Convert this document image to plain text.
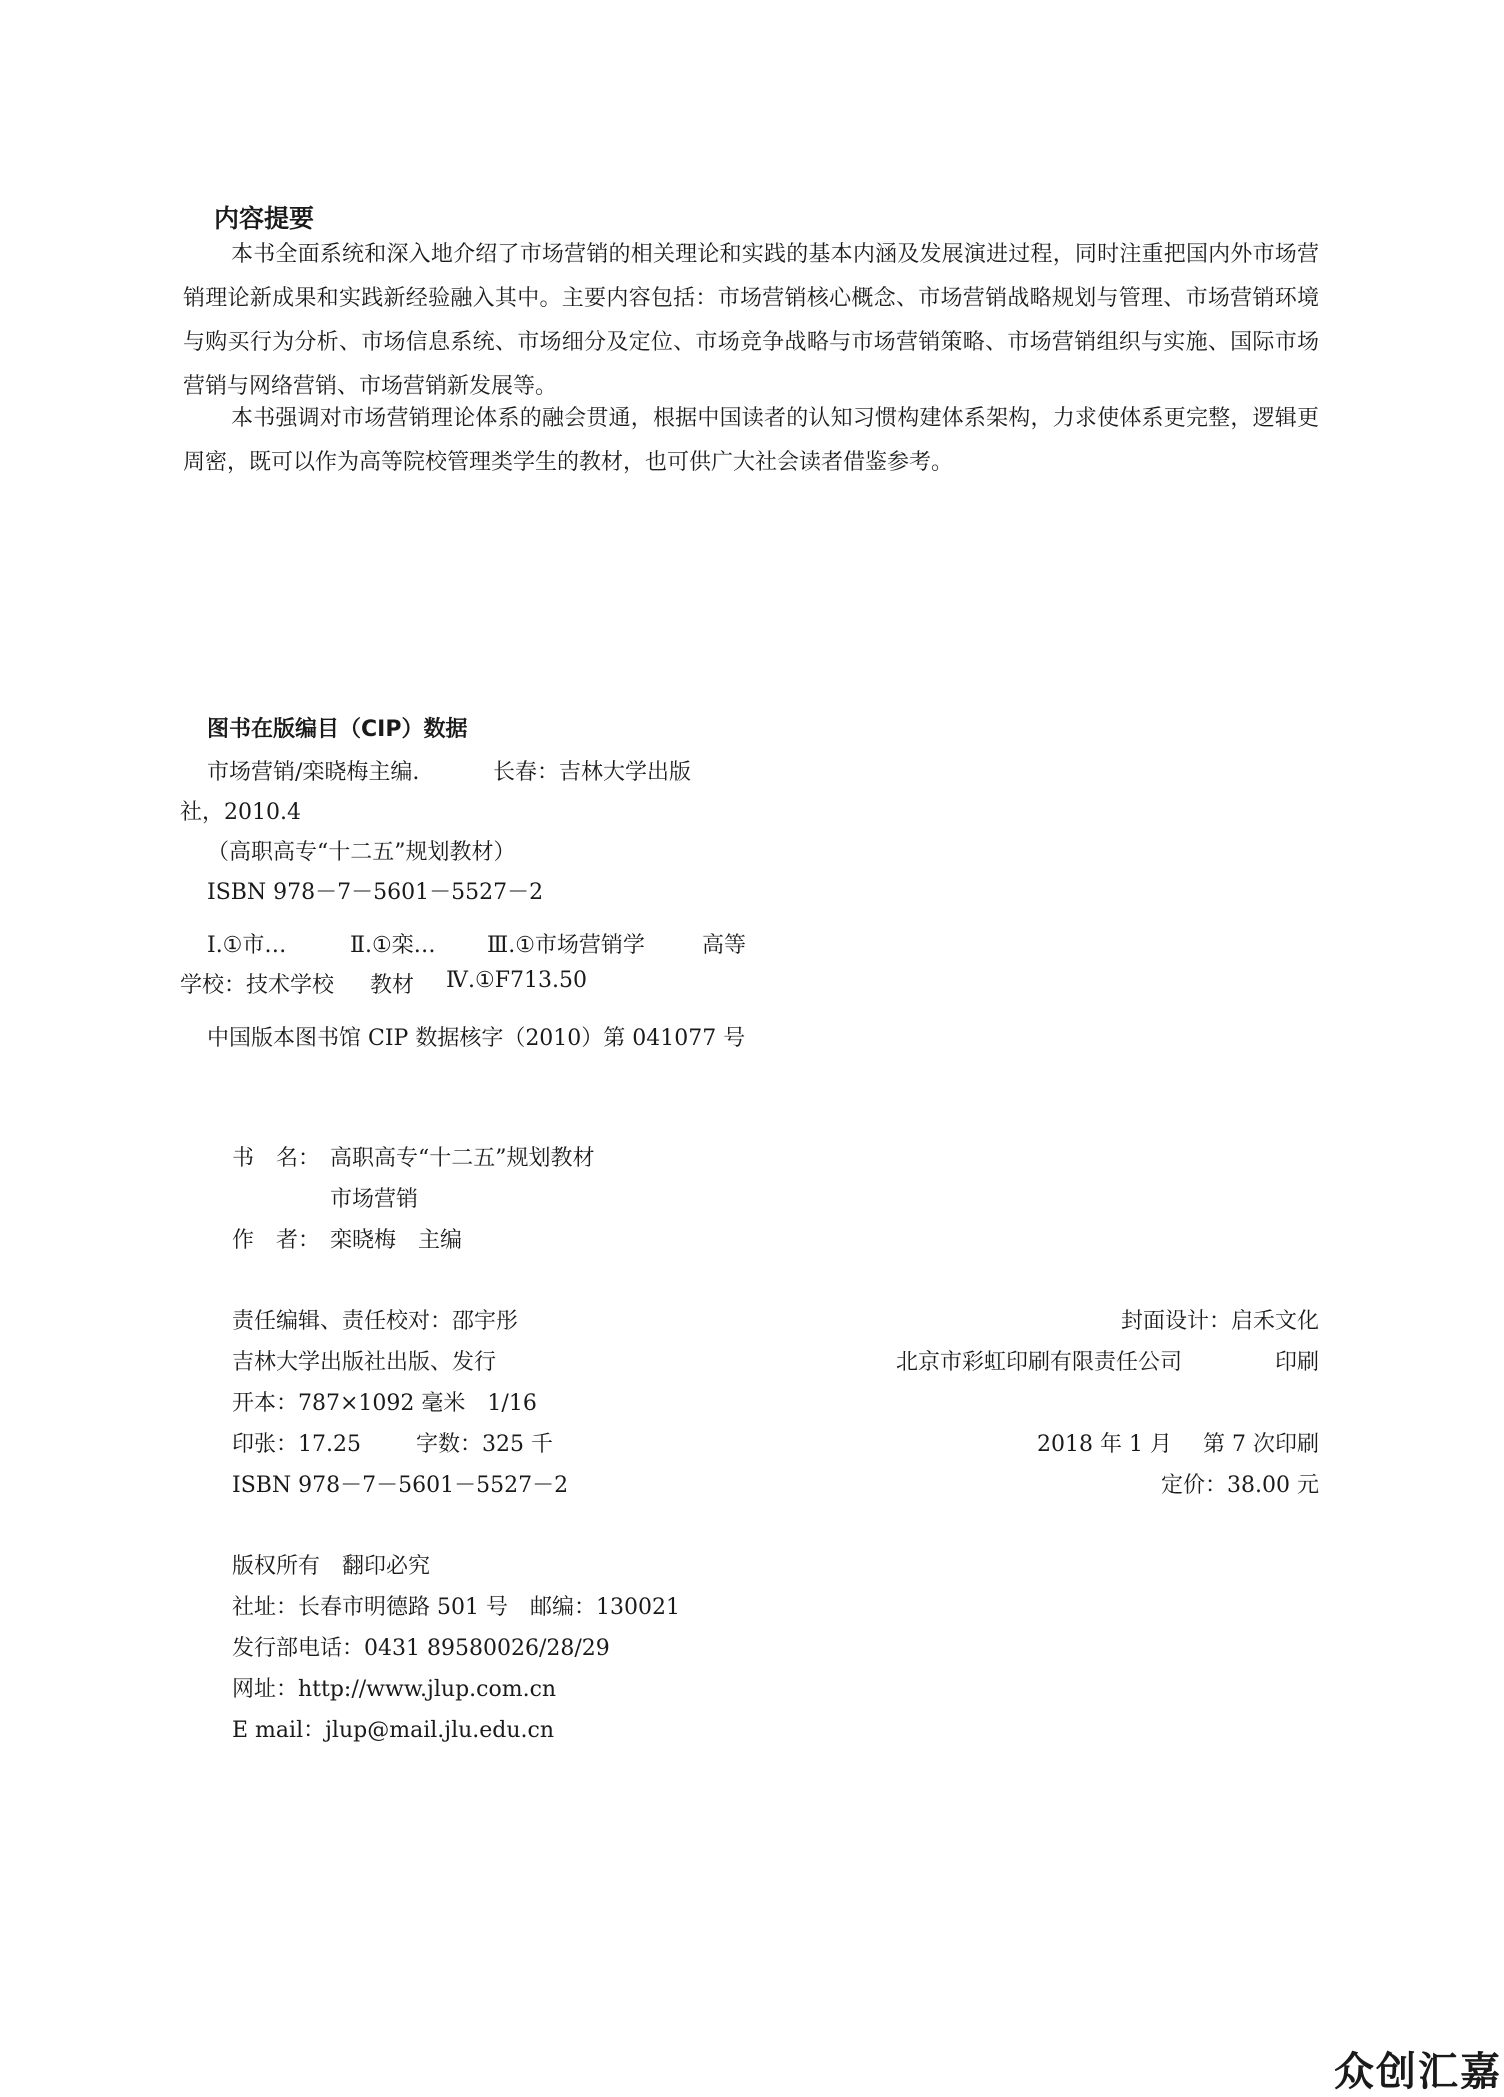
内容提要
本书全面系统和深入地介绍了市场营销的相关理论和实践的基本内涵及发展演进过程，同时注重把国内外市场营销理论新成果和实践新经验融入其中。主要内容包括：市场营销核心概念、市场营销战略规划与管理、市场营销环境与购买行为分析、市场信息系统、市场细分及定位、市场竞争战略与市场营销策略、市场营销组织与实施、国际市场营销与网络营销、市场营销新发展等。
本书强调对市场营销理论体系的融会贯通，根据中国读者的认知习惯构建体系架构，力求使体系更完整，逻辑更周密，既可以作为高等院校管理类学生的教材，也可供广大社会读者借鉴参考。
图书在版编目（CIP）数据
市场营销/栾晓梅主编.	长春：吉林大学出版
社，2010.4
（高职高专“十二五”规划教材）
ISBN 978－7－5601－5527－2
Ⅰ.①市…	Ⅱ.①栾… Ⅲ.①市场营销学	高等
学校：技术学校 教材 Ⅳ.①F713.50
中国版本图书馆 CIP 数据核字（2010）第 041077 号
书　名： 高职高专“十二五”规划教材
市场营销
作　者： 栾晓梅　主编
责任编辑、责任校对：邵宇彤	封面设计：启禾文化
吉林大学出版社出版、发行	北京市彩虹印刷有限责任公司	印刷
开本：787×1092 毫米　1/16
印张：17.25	字数：325 千	2018 年 1 月 第 7 次印刷
ISBN 978－7－5601－5527－2	定价：38.00 元
版权所有　翻印必究
社址：长春市明德路 501 号　邮编：130021
发行部电话：0431 89580026/28/29
网址：http://www.jlup.com.cn
E mail：jlup@mail.jlu.edu.cn
众创汇嘉
